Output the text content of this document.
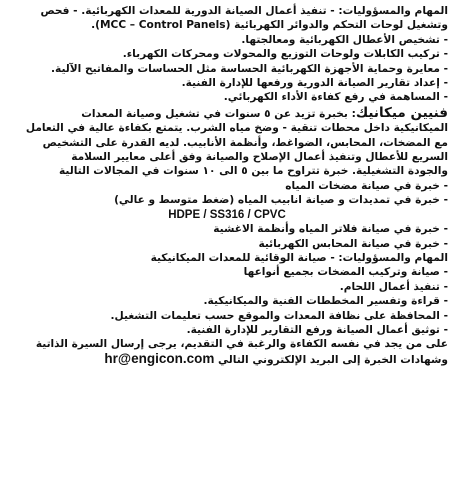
المهام والمسؤوليات: - تنفيذ أعمال الصيانة الدورية للمعدات الكهربائية. - فحص

وتشغيل لوحات التحكم والدوائر الكهربائية (MCC – Control Panels).

- تشخيص الأعطال الكهربائية ومعالجتها.

- تركيب الكابلات ولوحات التوزيع والمحولات ومحركات الكهرباء.

- معايرة وحماية الأجهزة الكهربائية الحساسة مثل الحساسات والمفاتيح الآلية.

- إعداد تقارير الصيانة الدورية ورفعها للإدارة الفنية.

- المساهمة في رفع كفاءة الأداء الكهربائي.

فنيين ميكانيك: بخبرة تزيد عن ٥ سنوات في تشغيل وصيانة المعدات

الميكانيكية داخل محطات تنقية - وضخ مياه الشرب. يتمتع بكفاءة عالية في التعامل

مع المضخات، المحابس، الضواغط، وأنظمة الأنابيب. لديه القدرة على التشخيص

السريع للأعطال وتنفيذ أعمال الإصلاح والصيانة وفق أعلى معايير السلامة

والجودة التشغيلية. خبرة تتراوح ما بين ٥ الى ١٠ سنوات في المجالات التالية

- خبرة في صيانة مضخات المياه

- خبرة في تمديدات و صيانة انابيب المياه (ضغط متوسط و عالي)

HDPE / SS316 / CPVC

- خبرة في صيانة فلاتر المياه وأنظمة الاغشية

- خبرة في صيانة المحابس الكهربائية

المهام والمسؤوليات: - صيانة الوقائية للمعدات الميكانيكية

- صيانة وتركيب المضخات بجميع أنواعها

- تنفيذ أعمال اللحام.

- قراءة وتفسير المخططات الفنية والميكانيكية.

- المحافظة على نظافة المعدات والموقع حسب تعليمات التشغيل.

- توثيق أعمال الصيانة ورفع التقارير للإدارة الفنية.

على من يجد في نفسه الكفاءة والرغبة في التقديم، يرجى إرسال السيرة الذاتية

وشهادات الخبرة إلى البريد الإلكتروني التالي hr@engicon.com
